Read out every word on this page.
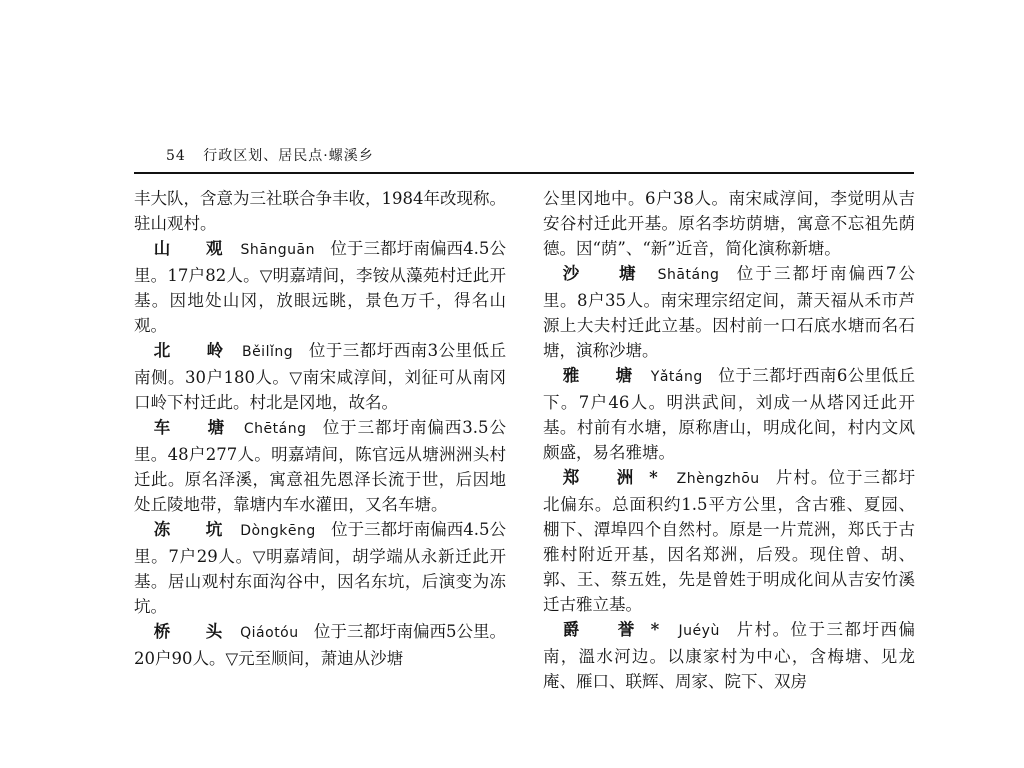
54 行政区划、居民点·螺溪乡

丰大队，含意为三社联合争丰收，1984年改现称。驻山观村。

山 观 Shānguān 位于三都圩南偏西4.5公里。17户82人。▽明嘉靖间，李铵从藻苑村迁此开基。因地处山冈，放眼远眺，景色万千，得名山观。

北 岭 Běilǐng 位于三都圩西南3公里低丘南侧。30户180人。▽南宋咸淳间，刘征可从南冈口岭下村迁此。村北是冈地，故名。

车 塘 Chētáng 位于三都圩南偏西3.5公里。48户277人。明嘉靖间，陈官远从塘洲洲头村迁此。原名泽溪，寓意祖先恩泽长流于世，后因地处丘陵地带，靠塘内车水灌田，又名车塘。

冻 坑 Dòngkēng 位于三都圩南偏西4.5公里。7户29人。▽明嘉靖间，胡学端从永新迁此开基。居山观村东面沟谷中，因名东坑，后演变为冻坑。

桥 头 Qiáotóu 位于三都圩南偏西5公里。20户90人。▽元至顺间，萧迪从沙塘

公里冈地中。6户38人。南宋咸淳间，李觉明从吉安谷村迁此开基。原名李坊荫塘，寓意不忘祖先荫德。因“荫”、“新”近音，简化演称新塘。

沙 塘 Shātáng 位于三都圩南偏西7公里。8户35人。南宋理宗绍定间，萧天福从禾市芦源上大夫村迁此立基。因村前一口石底水塘而名石塘，演称沙塘。

雅 塘 Yǎtáng 位于三都圩西南6公里低丘下。7户46人。明洪武间，刘成一从塔冈迁此开基。村前有水塘，原称唐山，明成化间，村内文风颇盛，易名雅塘。

郑 洲* Zhèngzhōu 片村。位于三都圩北偏东。总面积约1.5平方公里，含古雅、夏园、棚下、潭埠四个自然村。原是一片荒洲，郑氏于古雅村附近开基，因名郑洲，后殁。现住曾、胡、郭、王、蔡五姓，先是曾姓于明成化间从吉安竹溪迁古雅立基。

爵 誉* Juéyù 片村。位于三都圩西偏南，溫水河边。以康家村为中心，含梅塘、见龙庵、雁口、联辉、周家、院下、双房
